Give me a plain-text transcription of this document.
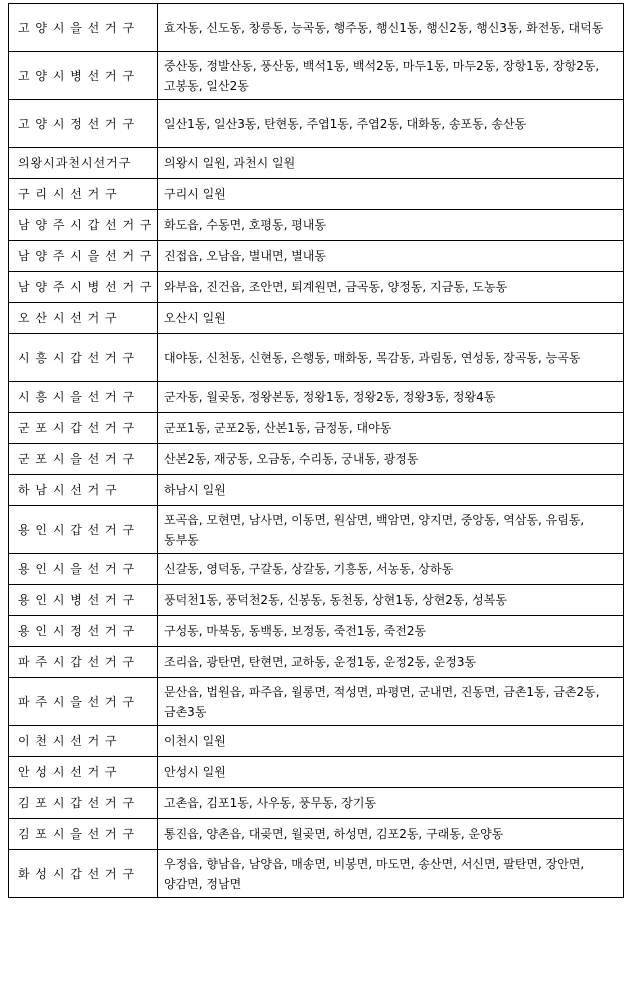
고 양 시 을 선 거 구	효자동, 신도동, 창릉동, 능곡동, 행주동, 행신1동, 행신2동, 행신3동, 화전동, 대덕동
고 양 시 병 선 거 구	중산동, 정발산동, 풍산동, 백석1동, 백석2동, 마두1동, 마두2동, 장항1동, 장항2동, 고봉동, 일산2동
고 양 시 정 선 거 구	일산1동, 일산3동, 탄현동, 주엽1동, 주엽2동, 대화동, 송포동, 송산동
의왕시과천시선거구	의왕시 일원, 과천시 일원
구 리 시 선 거 구	구리시 일원
남 양 주 시 갑 선 거 구	화도읍, 수동면, 호평동, 평내동
남 양 주 시 을 선 거 구	진접읍, 오남읍, 별내면, 별내동
남 양 주 시 병 선 거 구	와부읍, 진건읍, 조안면, 퇴계원면, 금곡동, 양정동, 지금동, 도농동
오 산 시 선 거 구	오산시 일원
시 흥 시 갑 선 거 구	대야동, 신천동, 신현동, 은행동, 매화동, 목감동, 과림동, 연성동, 장곡동, 능곡동
시 흥 시 을 선 거 구	군자동, 월곶동, 정왕본동, 정왕1동, 정왕2동, 정왕3동, 정왕4동
군 포 시 갑 선 거 구	군포1동, 군포2동, 산본1동, 금정동, 대야동
군 포 시 을 선 거 구	산본2동, 재궁동, 오금동, 수리동, 궁내동, 광정동
하 남 시 선 거 구	하남시 일원
용 인 시 갑 선 거 구	포곡읍, 모현면, 남사면, 이동면, 원삼면, 백암면, 양지면, 중앙동, 역삼동, 유림동, 동부동
용 인 시 을 선 거 구	신갈동, 영덕동, 구갈동, 상갈동, 기흥동, 서농동, 상하동
용 인 시 병 선 거 구	풍덕천1동, 풍덕천2동, 신봉동, 동천동, 상현1동, 상현2동, 성복동
용 인 시 정 선 거 구	구성동, 마북동, 동백동, 보정동, 죽전1동, 죽전2동
파 주 시 갑 선 거 구	조리읍, 광탄면, 탄현면, 교하동, 운정1동, 운정2동, 운정3동
파 주 시 을 선 거 구	문산읍, 법원읍, 파주읍, 월롱면, 적성면, 파평면, 군내면, 진동면, 금촌1동, 금촌2동, 금촌3동
이 천 시 선 거 구	이천시 일원
안 성 시 선 거 구	안성시 일원
김 포 시 갑 선 거 구	고촌읍, 김포1동, 사우동, 풍무동, 장기동
김 포 시 을 선 거 구	통진읍, 양촌읍, 대곶면, 월곶면, 하성면, 김포2동, 구래동, 운양동
화 성 시 갑 선 거 구	우정읍, 향남읍, 남양읍, 매송면, 비봉면, 마도면, 송산면, 서신면, 팔탄면, 장안면, 양감면, 정남면
